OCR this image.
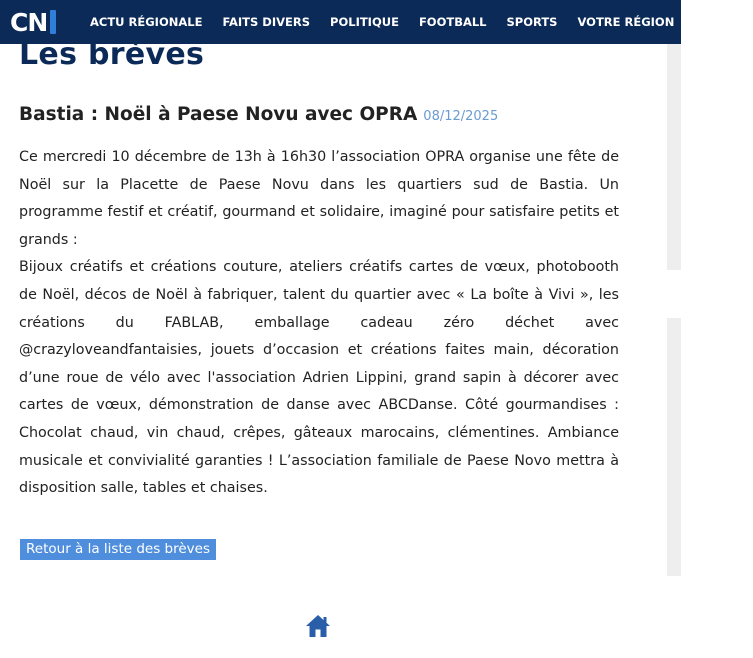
CN	ACTU RÉGIONALE	FAITS DIVERS	POLITIQUE	FOOTBALL	SPORTS	VOTRE RÉGION	MONDE
Les brèves
Bastia : Noël à Paese Novu avec OPRA 08/12/2025

Ce mercredi 10 décembre de 13h à 16h30 l’association OPRA organise une fête de Noël sur la Placette de Paese Novu dans les quartiers sud de Bastia. Un programme festif et créatif, gourmand et solidaire, imaginé pour satisfaire petits et grands :

Bijoux créatifs et créations couture, ateliers créatifs cartes de vœux, photobooth de Noël, décos de Noël à fabriquer, talent du quartier avec « La boîte à Vivi », les créations du FABLAB, emballage cadeau zéro déchet avec @crazyloveandfantaisies, jouets d’occasion et créations faites main, décoration d’une roue de vélo avec l'association Adrien Lippini, grand sapin à décorer avec cartes de vœux, démonstration de danse avec ABCDanse. Côté gourmandises : Chocolat chaud, vin chaud, crêpes, gâteaux marocains, clémentines. Ambiance musicale et convivialité garanties ! L’association familiale de Paese Novo mettra à disposition salle, tables et chaises.

Retour à la liste des brèves
